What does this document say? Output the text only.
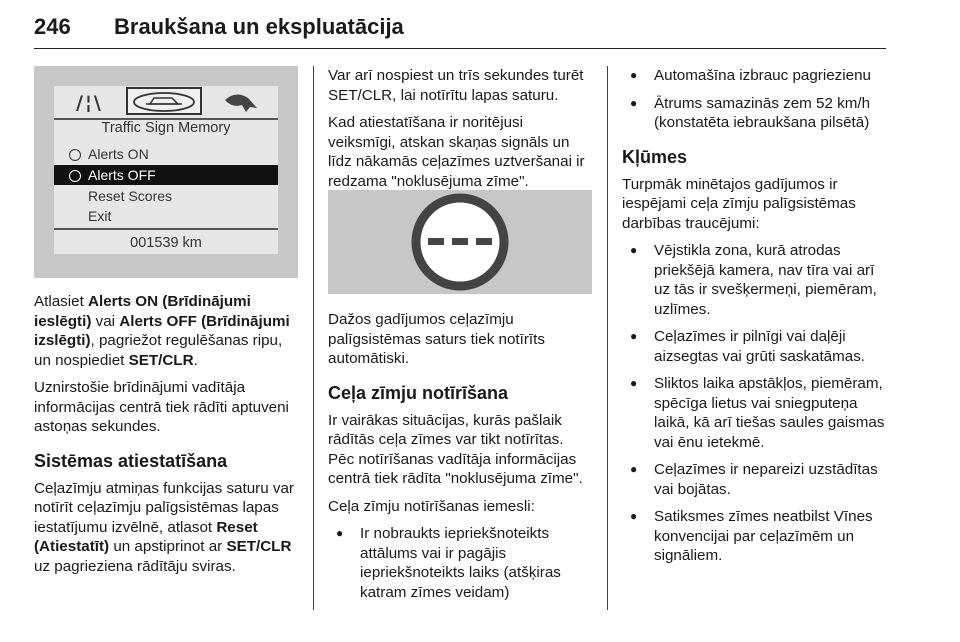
246 Braukšana un ekspluatācija
/¦\
Traffic Sign Memory
Alerts ON
Alerts OFF
Reset Scores
Exit
001539 km

Atlasiet Alerts ON (Brīdinājumi ieslēgti) vai Alerts OFF (Brīdinājumi izslēgti), pagriežot regulēšanas ripu, un nospiediet SET/CLR.

Uznirstošie brīdinājumi vadītāja informācijas centrā tiek rādīti aptuveni astoņas sekundes.

Sistēmas atiestatīšana

Ceļazīmju atmiņas funkcijas saturu var notīrīt ceļazīmju palīgsistēmas lapas iestatījumu izvēlnē, atlasot Reset (Atiestatīt) un apstiprinot ar SET/CLR uz pagrieziena rādītāju sviras.

Var arī nospiest un trīs sekundes turēt SET/CLR, lai notīrītu lapas saturu.

Kad atiestatīšana ir noritējusi veiksmīgi, atskan skaņas signāls un līdz nākamās ceļazīmes uztveršanai ir redzama "noklusējuma zīme".

Dažos gadījumos ceļazīmju palīgsistēmas saturs tiek notīrīts automātiski.

Ceļa zīmju notīrīšana

Ir vairākas situācijas, kurās pašlaik rādītās ceļa zīmes var tikt notīrītas. Pēc notīrīšanas vadītāja informācijas centrā tiek rādīta "noklusējuma zīme".

Ceļa zīmju notīrīšanas iemesli:

● Ir nobraukts iepriekšnoteikts attālums vai ir pagājis iepriekšnoteikts laiks (atšķiras katram zīmes veidam)
● Automašīna izbrauc pagriezienu
● Ātrums samazinās zem 52 km/h (konstatēta iebraukšana pilsētā)
Kļūmes

Turpmāk minētajos gadījumos ir iespējami ceļa zīmju palīgsistēmas darbības traucējumi:

● Vējstikla zona, kurā atrodas priekšējā kamera, nav tīra vai arī uz tās ir svešķermeņi, piemēram, uzlīmes.
● Ceļazīmes ir pilnīgi vai daļēji aizsegtas vai grūti saskatāmas.
● Sliktos laika apstākļos, piemēram, spēcīga lietus vai sniegputeņa laikā, kā arī tiešas saules gaismas vai ēnu ietekmē.
● Ceļazīmes ir nepareizi uzstādītas vai bojātas.
● Satiksmes zīmes neatbilst Vīnes konvencijai par ceļazīmēm un signāliem.
